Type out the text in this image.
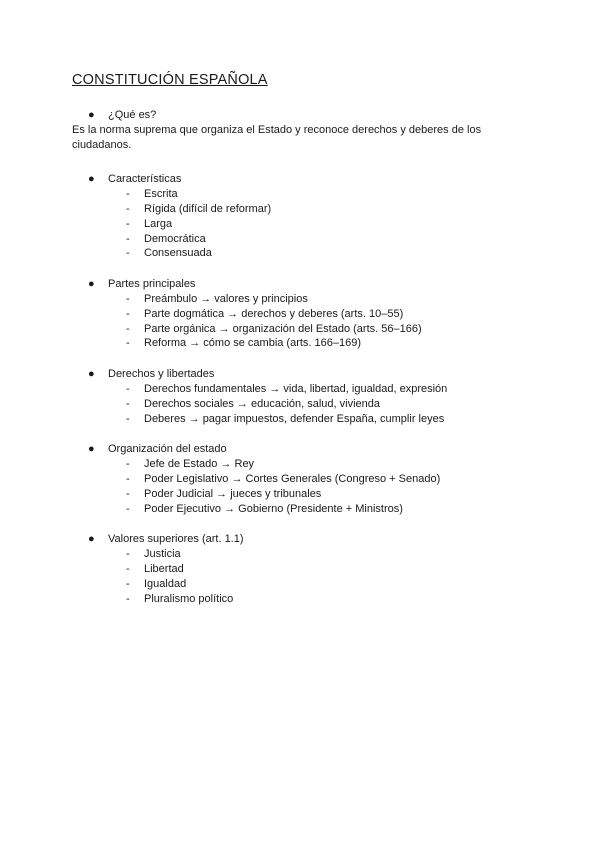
CONSTITUCIÓN ESPAÑOLA
● ¿Qué es?

Es la norma suprema que organiza el Estado y reconoce derechos y deberes de los ciudadanos.

● Características
- Escrita
- Rígida (difícil de reformar)
- Larga
- Democrática
- Consensuada
● Partes principales
- Preámbulo → valores y principios
- Parte dogmática → derechos y deberes (arts. 10–55)
- Parte orgánica → organización del Estado (arts. 56–166)
- Reforma → cómo se cambia (arts. 166–169)
● Derechos y libertades
- Derechos fundamentales → vida, libertad, igualdad, expresión
- Derechos sociales → educación, salud, vivienda
- Deberes → pagar impuestos, defender España, cumplir leyes
● Organización del estado
- Jefe de Estado → Rey
- Poder Legislativo → Cortes Generales (Congreso + Senado)
- Poder Judicial → jueces y tribunales
- Poder Ejecutivo → Gobierno (Presidente + Ministros)
● Valores superiores (art. 1.1)
- Justicia
- Libertad
- Igualdad
- Pluralismo político
